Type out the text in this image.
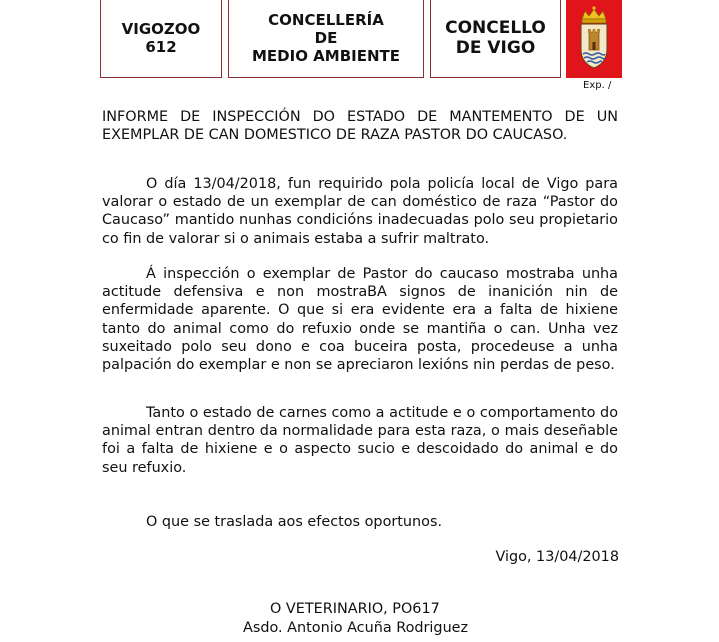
VIGOZOO
612
CONCELLERÍA
DE
MEDIO AMBIENTE
CONCELLO
DE VIGO
Exp. /

INFORME DE INSPECCIÓN DO ESTADO DE MANTEMENTO DE UN EXEMPLAR DE CAN DOMESTICO DE RAZA PASTOR DO CAUCASO.

O día 13/04/2018, fun requirido pola policía local de Vigo para valorar o estado de un exemplar de can doméstico de raza “Pastor do Caucaso” mantido nunhas condicións inadecuadas polo seu propietario co fin de valorar si o animais estaba a sufrir maltrato.

Á inspección o exemplar de Pastor do caucaso mostraba unha actitude defensiva e non mostraBA signos de inanición nin de enfermidade aparente. O que si era evidente era a falta de hixiene tanto do animal como do refuxio onde se mantiña o can. Unha vez suxeitado polo seu dono e coa buceira posta, procedeuse a unha palpación do exemplar e non se apreciaron lexións nin perdas de peso.

Tanto o estado de carnes como a actitude e o comportamento do animal entran dentro da normalidade para esta raza, o mais deseñable foi a falta de hixiene e o aspecto sucio e descoidado do animal e do seu refuxio.

O que se traslada aos efectos oportunos.

Vigo, 13/04/2018

O VETERINARIO, PO617

Asdo. Antonio Acuña Rodriguez
